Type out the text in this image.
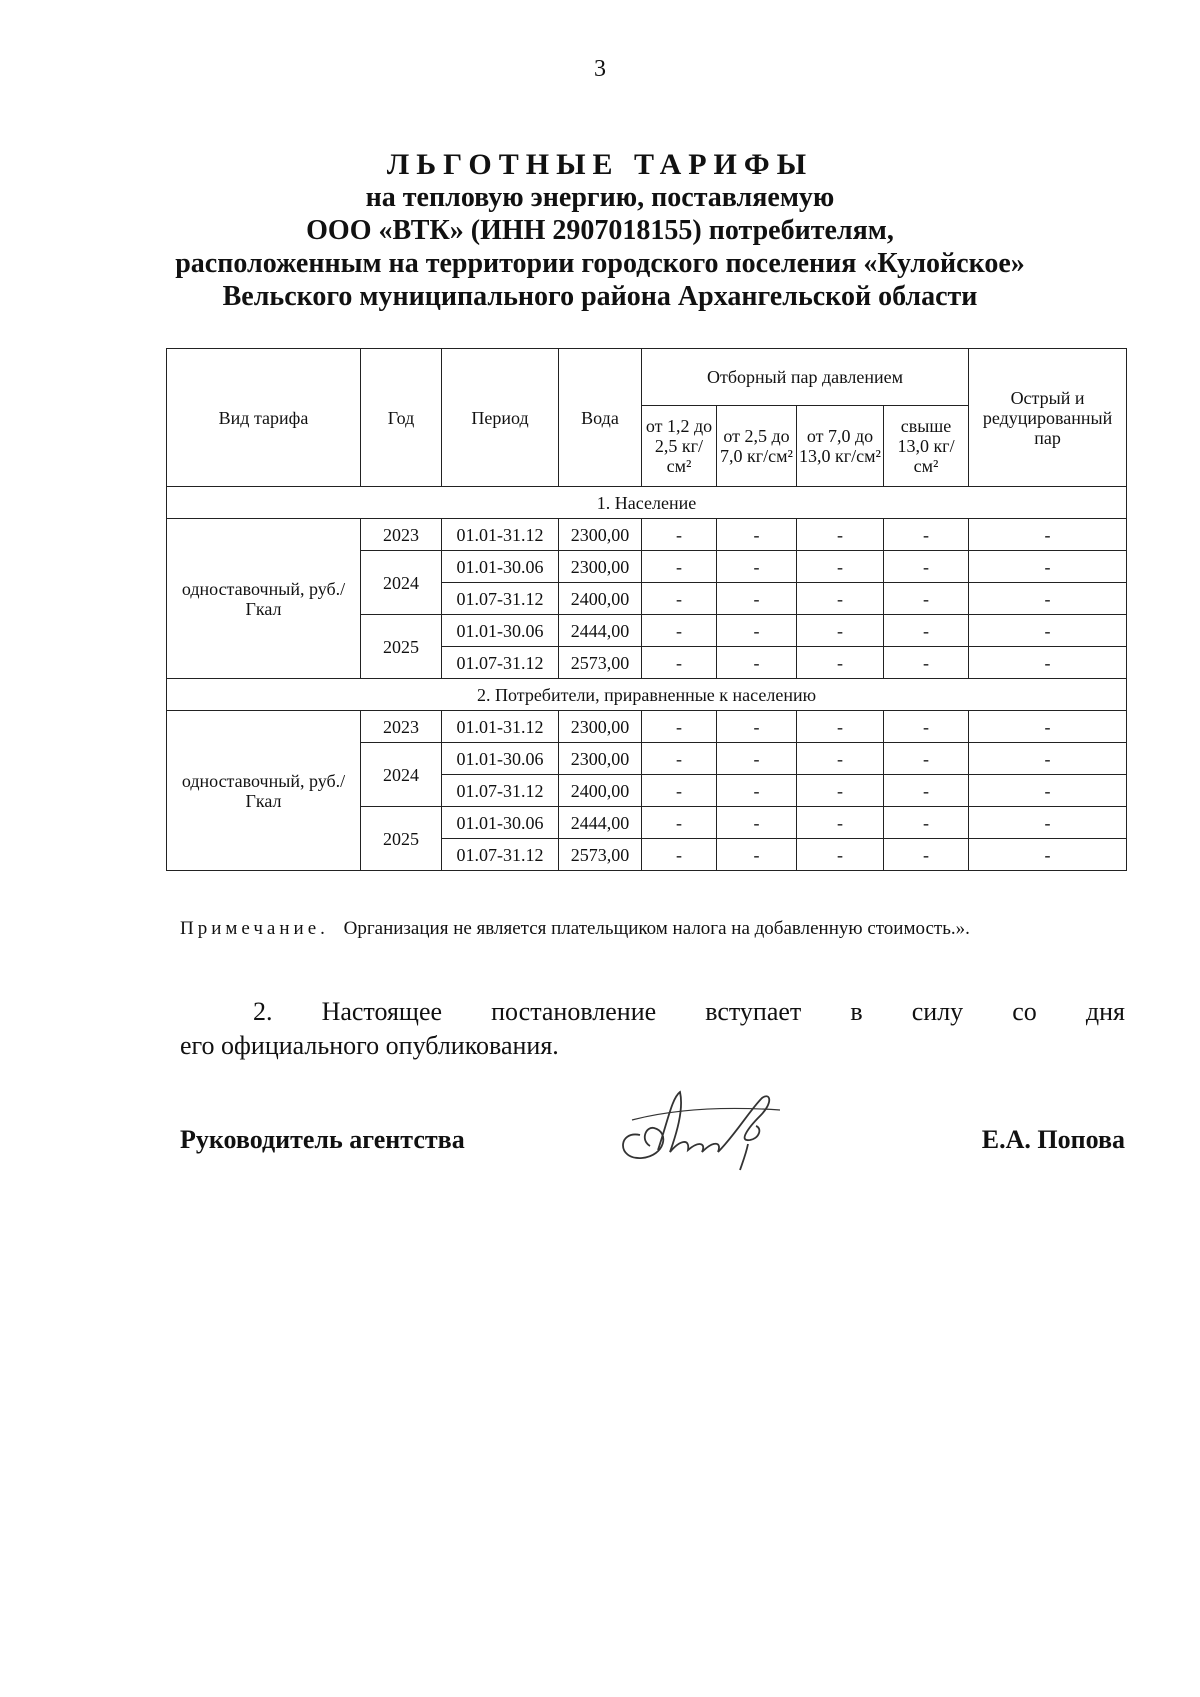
3
ЛЬГОТНЫЕ ТАРИФЫ
на тепловую энергию, поставляемую
ООО «ВТК» (ИНН 2907018155) потребителям,
расположенным на территории городского поселения «Кулойское»
Вельского муниципального района Архангельской области
Вид тарифа	Год	Период	Вода	Отборный пар давлением				Острый и редуцированный пар
				от 1,2 до 2,5 кг/см²	от 2,5 до 7,0 кг/см²	от 7,0 до 13,0 кг/см²	свыше 13,0 кг/см²	
1. Население								
одноставочный, руб./Гкал	2023	01.01-31.12	2300,00	-	-	-	-	-
	2024	01.01-30.06	2300,00	-	-	-	-	-
		01.07-31.12	2400,00	-	-	-	-	-
	2025	01.01-30.06	2444,00	-	-	-	-	-
		01.07-31.12	2573,00	-	-	-	-	-
2. Потребители, приравненные к населению								
одноставочный, руб./Гкал	2023	01.01-31.12	2300,00	-	-	-	-	-
	2024	01.01-30.06	2300,00	-	-	-	-	-
		01.07-31.12	2400,00	-	-	-	-	-
	2025	01.01-30.06	2444,00	-	-	-	-	-
		01.07-31.12	2573,00	-	-	-	-	-
Примечание. Организация не является плательщиком налога на добавленную стоимость.».
2. Настоящее постановление вступает в силу со дня
его официального опубликования.
Руководитель агентства	Е.А. Попова
